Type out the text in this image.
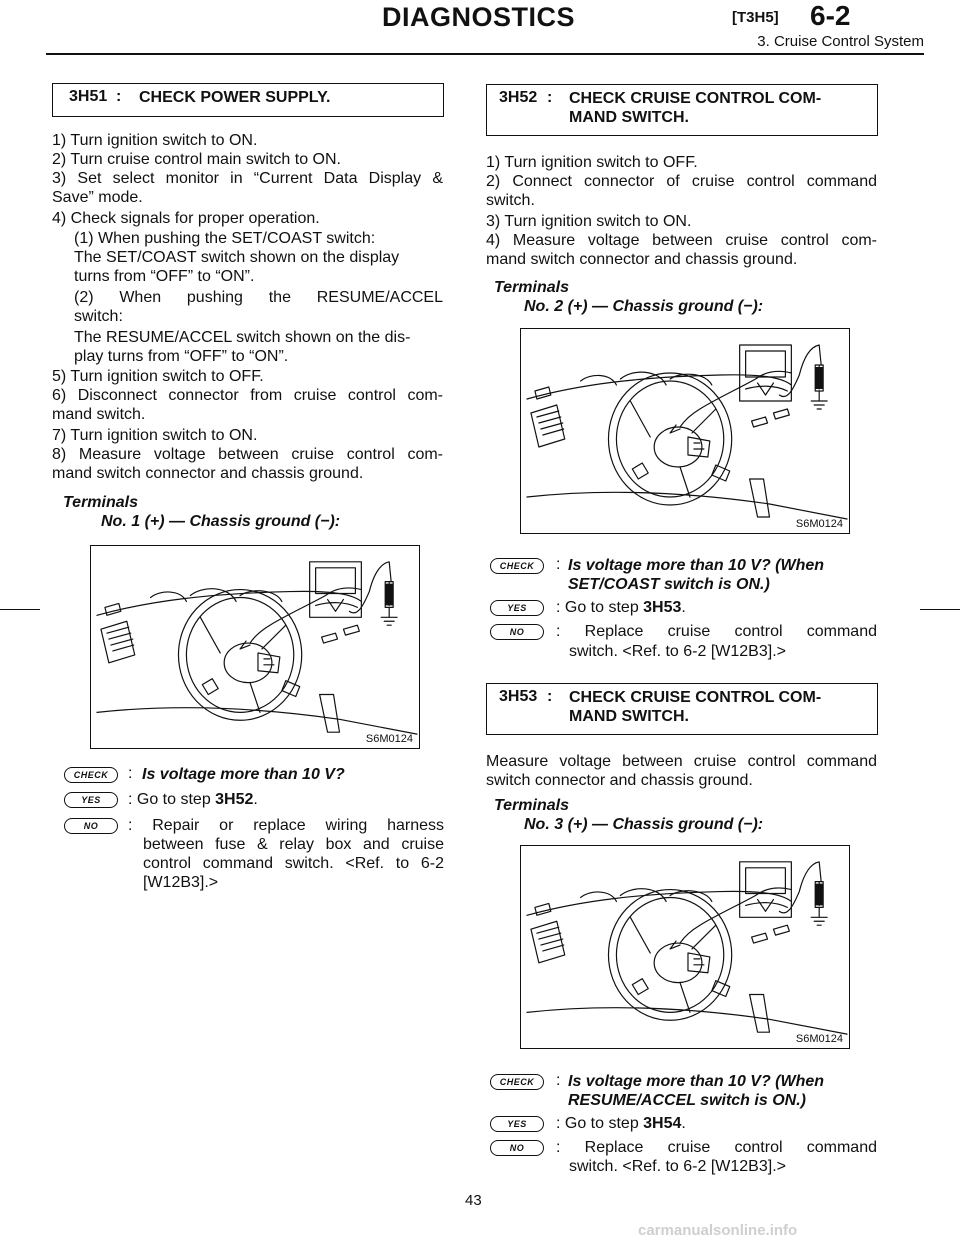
DIAGNOSTICS	[T3H5] 6-2
3. Cruise Control System
3H51 : CHECK POWER SUPPLY.
1) Turn ignition switch to ON.
2) Turn cruise control main switch to ON.
3) Set select monitor in “Current Data Display &
Save” mode.
4) Check signals for proper operation.
(1) When pushing the SET/COAST switch:
The SET/COAST switch shown on the display
turns from “OFF” to “ON”.
(2) When pushing the RESUME/ACCEL
switch:
The RESUME/ACCEL switch shown on the dis-
play turns from “OFF” to “ON”.
5) Turn ignition switch to OFF.
6) Disconnect connector from cruise control com-
mand switch.
7) Turn ignition switch to ON.
8) Measure voltage between cruise control com-
mand switch connector and chassis ground.
Terminals
No. 1 (+) — Chassis ground (−):
S6M0124
CHECK	: Is voltage more than 10 V?
YES	: Go to step 3H52.
NO	: Repair or replace wiring harness
between fuse & relay box and cruise
control command switch. <Ref. to 6-2
[W12B3].>
3H52 : CHECK CRUISE CONTROL COM-
MAND SWITCH.
1) Turn ignition switch to OFF.
2) Connect connector of cruise control command
switch.
3) Turn ignition switch to ON.
4) Measure voltage between cruise control com-
mand switch connector and chassis ground.
Terminals
No. 2 (+) — Chassis ground (−):
S6M0124
CHECK	: Is voltage more than 10 V? (When
SET/COAST switch is ON.)
YES	: Go to step 3H53.
NO	: Replace cruise control command
switch. <Ref. to 6-2 [W12B3].>
3H53 : CHECK CRUISE CONTROL COM-
MAND SWITCH.
Measure voltage between cruise control command
switch connector and chassis ground.
Terminals
No. 3 (+) — Chassis ground (−):
S6M0124
CHECK	: Is voltage more than 10 V? (When
RESUME/ACCEL switch is ON.)
YES	: Go to step 3H54.
NO	: Replace cruise control command
switch. <Ref. to 6-2 [W12B3].>
43
carmanualsonline.info
